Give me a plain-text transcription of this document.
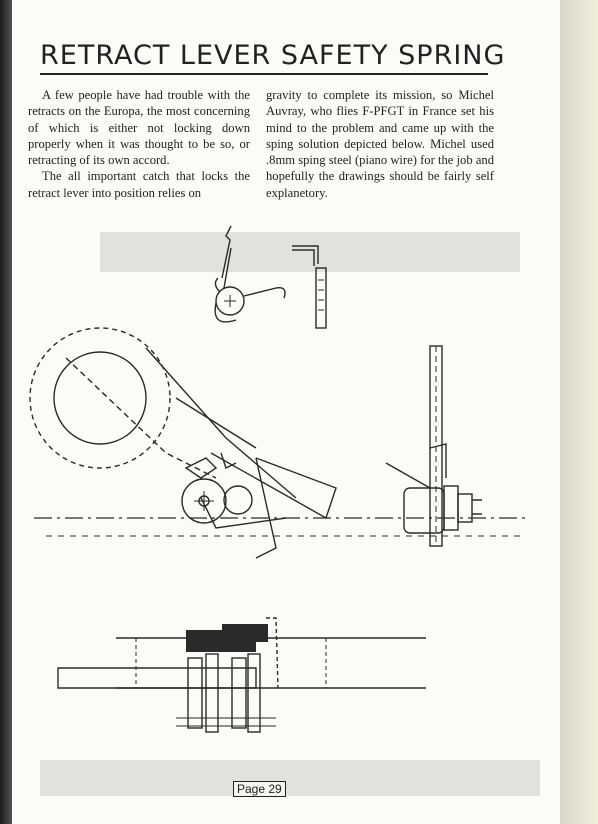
RETRACT LEVER SAFETY SPRING

A few people have had trouble with the retracts on the Europa, the most concerning of which is either not locking down properly when it was thought to be so, or retracting of its own accord.

The all important catch that locks the retract lever into position relies on

gravity to complete its mission, so Michel Auvray, who flies F-PFGT in France set his mind to the problem and came up with the sping solution depicted below. Michel used .8mm sping steel (piano wire) for the job and hopefully the drawings should be fairly self explanetory.

Page 29
